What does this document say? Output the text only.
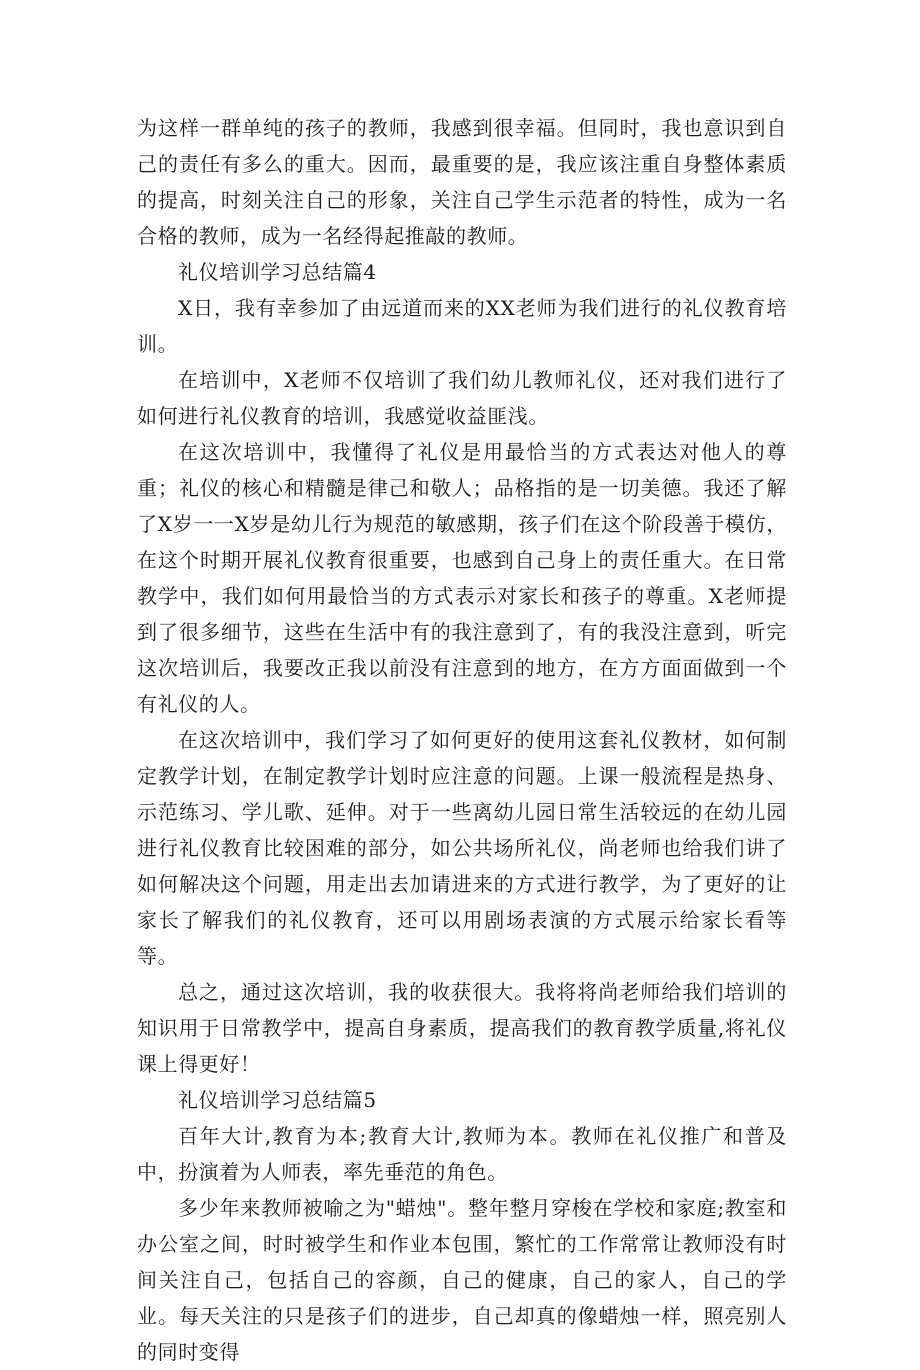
为这样一群单纯的孩子的教师，我感到很幸福。但同时，我也意识到自己的责任有多么的重大。因而，最重要的是，我应该注重自身整体素质的提高，时刻关注自己的形象，关注自己学生示范者的特性，成为一名合格的教师，成为一名经得起推敲的教师。

礼仪培训学习总结篇4

X日，我有幸参加了由远道而来的XX老师为我们进行的礼仪教育培训。

在培训中，X老师不仅培训了我们幼儿教师礼仪，还对我们进行了如何进行礼仪教育的培训，我感觉收益匪浅。

在这次培训中，我懂得了礼仪是用最恰当的方式表达对他人的尊重；礼仪的核心和精髓是律己和敬人；品格指的是一切美德。我还了解了X岁一一X岁是幼儿行为规范的敏感期，孩子们在这个阶段善于模仿，在这个时期开展礼仪教育很重要，也感到自己身上的责任重大。在日常教学中，我们如何用最恰当的方式表示对家长和孩子的尊重。X老师提到了很多细节，这些在生活中有的我注意到了，有的我没注意到，听完这次培训后，我要改正我以前没有注意到的地方，在方方面面做到一个有礼仪的人。

在这次培训中，我们学习了如何更好的使用这套礼仪教材，如何制定教学计划，在制定教学计划时应注意的问题。上课一般流程是热身、示范练习、学儿歌、延伸。对于一些离幼儿园日常生活较远的在幼儿园进行礼仪教育比较困难的部分，如公共场所礼仪，尚老师也给我们讲了如何解决这个问题，用走出去加请进来的方式进行教学，为了更好的让家长了解我们的礼仪教育，还可以用剧场表演的方式展示给家长看等等。

总之，通过这次培训，我的收获很大。我将将尚老师给我们培训的知识用于日常教学中，提高自身素质，提高我们的教育教学质量,将礼仪课上得更好！

礼仪培训学习总结篇5

百年大计,教育为本;教育大计,教师为本。教师在礼仪推广和普及中，扮演着为人师表，率先垂范的角色。

多少年来教师被喻之为"蜡烛"。整年整月穿梭在学校和家庭;教室和办公室之间，时时被学生和作业本包围，繁忙的工作常常让教师没有时间关注自己，包括自己的容颜，自己的健康，自己的家人，自己的学业。每天关注的只是孩子们的进步，自己却真的像蜡烛一样，照亮别人的同时变得
